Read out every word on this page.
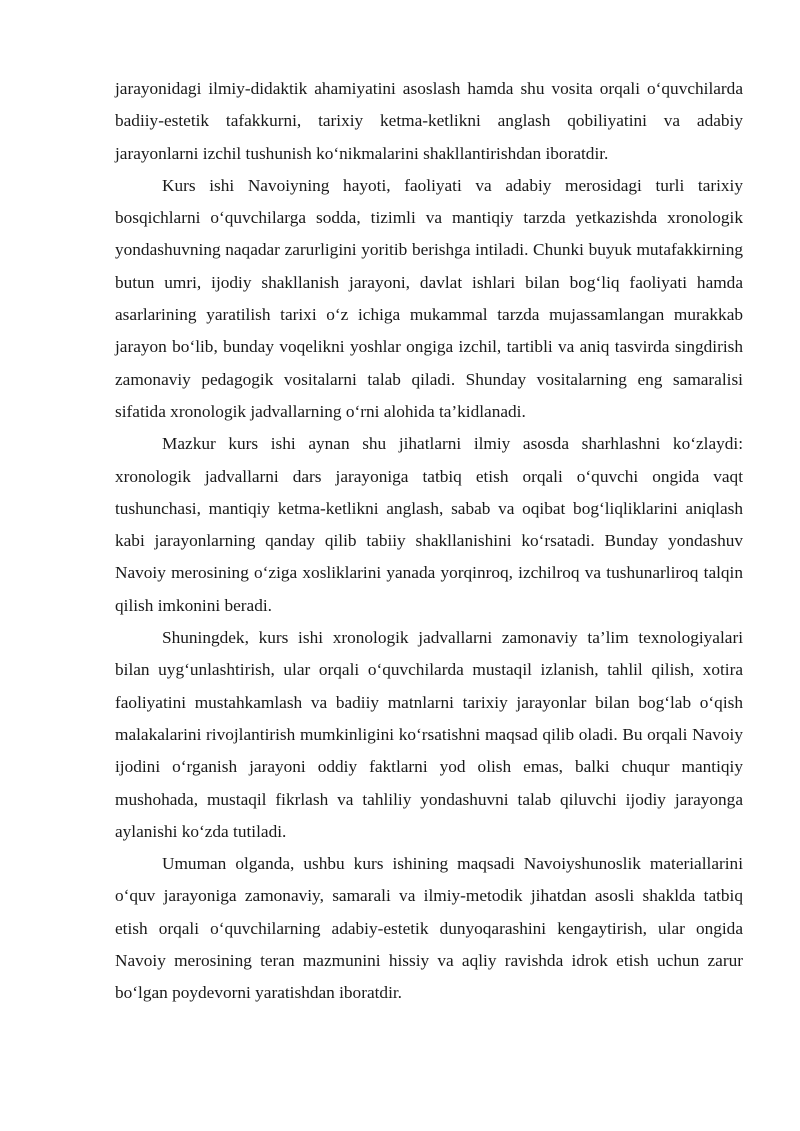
jarayonidagi ilmiy-didaktik ahamiyatini asoslash hamda shu vosita orqali o‘quvchilarda badiiy-estetik tafakkurni, tarixiy ketma-ketlikni anglash qobiliyatini va adabiy jarayonlarni izchil tushunish ko‘nikmalarini shakllantirishdan iboratdir.

Kurs ishi Navoiyning hayoti, faoliyati va adabiy merosidagi turli tarixiy bosqichlarni o‘quvchilarga sodda, tizimli va mantiqiy tarzda yetkazishda xronologik yondashuvning naqadar zarurligini yoritib berishga intiladi. Chunki buyuk mutafakkirning butun umri, ijodiy shakllanish jarayoni, davlat ishlari bilan bog‘liq faoliyati hamda asarlarining yaratilish tarixi o‘z ichiga mukammal tarzda mujassamlangan murakkab jarayon bo‘lib, bunday voqelikni yoshlar ongiga izchil, tartibli va aniq tasvirda singdirish zamonaviy pedagogik vositalarni talab qiladi. Shunday vositalarning eng samaralisi sifatida xronologik jadvallarning o‘rni alohida ta’kidlanadi.

Mazkur kurs ishi aynan shu jihatlarni ilmiy asosda sharhlashni ko‘zlaydi: xronologik jadvallarni dars jarayoniga tatbiq etish orqali o‘quvchi ongida vaqt tushunchasi, mantiqiy ketma-ketlikni anglash, sabab va oqibat bog‘liqliklarini aniqlash kabi jarayonlarning qanday qilib tabiiy shakllanishini ko‘rsatadi. Bunday yondashuv Navoiy merosining o‘ziga xosliklarini yanada yorqinroq, izchilroq va tushunarliroq talqin qilish imkonini beradi.

Shuningdek, kurs ishi xronologik jadvallarni zamonaviy ta’lim texnologiyalari bilan uyg‘unlashtirish, ular orqali o‘quvchilarda mustaqil izlanish, tahlil qilish, xotira faoliyatini mustahkamlash va badiiy matnlarni tarixiy jarayonlar bilan bog‘lab o‘qish malakalarini rivojlantirish mumkinligini ko‘rsatishni maqsad qilib oladi. Bu orqali Navoiy ijodini o‘rganish jarayoni oddiy faktlarni yod olish emas, balki chuqur mantiqiy mushohada, mustaqil fikrlash va tahliliy yondashuvni talab qiluvchi ijodiy jarayonga aylanishi ko‘zda tutiladi.

Umuman olganda, ushbu kurs ishining maqsadi Navoiyshunoslik materiallarini o‘quv jarayoniga zamonaviy, samarali va ilmiy-metodik jihatdan asosli shaklda tatbiq etish orqali o‘quvchilarning adabiy-estetik dunyoqarashini kengaytirish, ular ongida Navoiy merosining teran mazmunini hissiy va aqliy ravishda idrok etish uchun zarur bo‘lgan poydevorni yaratishdan iboratdir.
